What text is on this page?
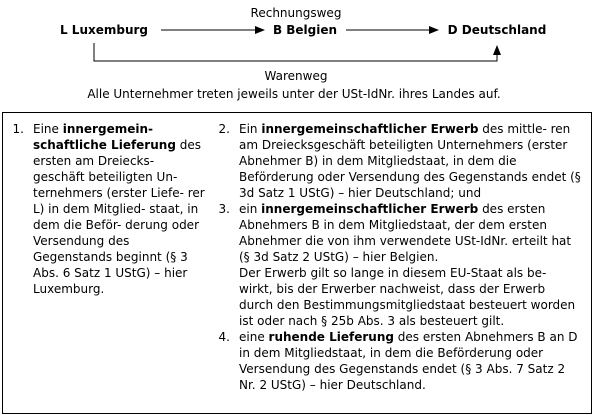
Rechnungsweg
L Luxemburg	B Belgien	D Deutschland
Warenweg
Alle Unternehmer treten jeweils unter der USt-IdNr. ihres Landes auf.
1. Eine innergemein- schaftliche Lieferung des ersten am Dreiecks- geschäft beteiligten Un- ternehmers (erster Liefe- rer L) in dem Mitglied- staat, in dem die Beför- derung oder Versendung des Gegenstands beginnt (§ 3 Abs. 6 Satz 1 UStG) – hier Luxemburg.
2. Ein innergemeinschaftlicher Erwerb des mittle- ren am Dreiecksgeschäft beteiligten Unternehmers (erster Abnehmer B) in dem Mitgliedstaat, in dem die Beförderung oder Versendung des Gegenstands endet (§ 3d Satz 1 UStG) – hier Deutschland; und
3. ein innergemeinschaftlicher Erwerb des ersten Abnehmers B in dem Mitgliedstaat, der dem ersten Abnehmer die von ihm verwendete USt-IdNr. erteilt hat (§ 3d Satz 2 UStG) – hier Belgien.
Der Erwerb gilt so lange in diesem EU-Staat als be- wirkt, bis der Erwerber nachweist, dass der Erwerb durch den Bestimmungsmitgliedstaat besteuert worden ist oder nach § 25b Abs. 3 als besteuert gilt.
4. eine ruhende Lieferung des ersten Abnehmers B an D in dem Mitgliedstaat, in dem die Beförderung oder Versendung des Gegenstands endet (§ 3 Abs. 7 Satz 2 Nr. 2 UStG) – hier Deutschland.
